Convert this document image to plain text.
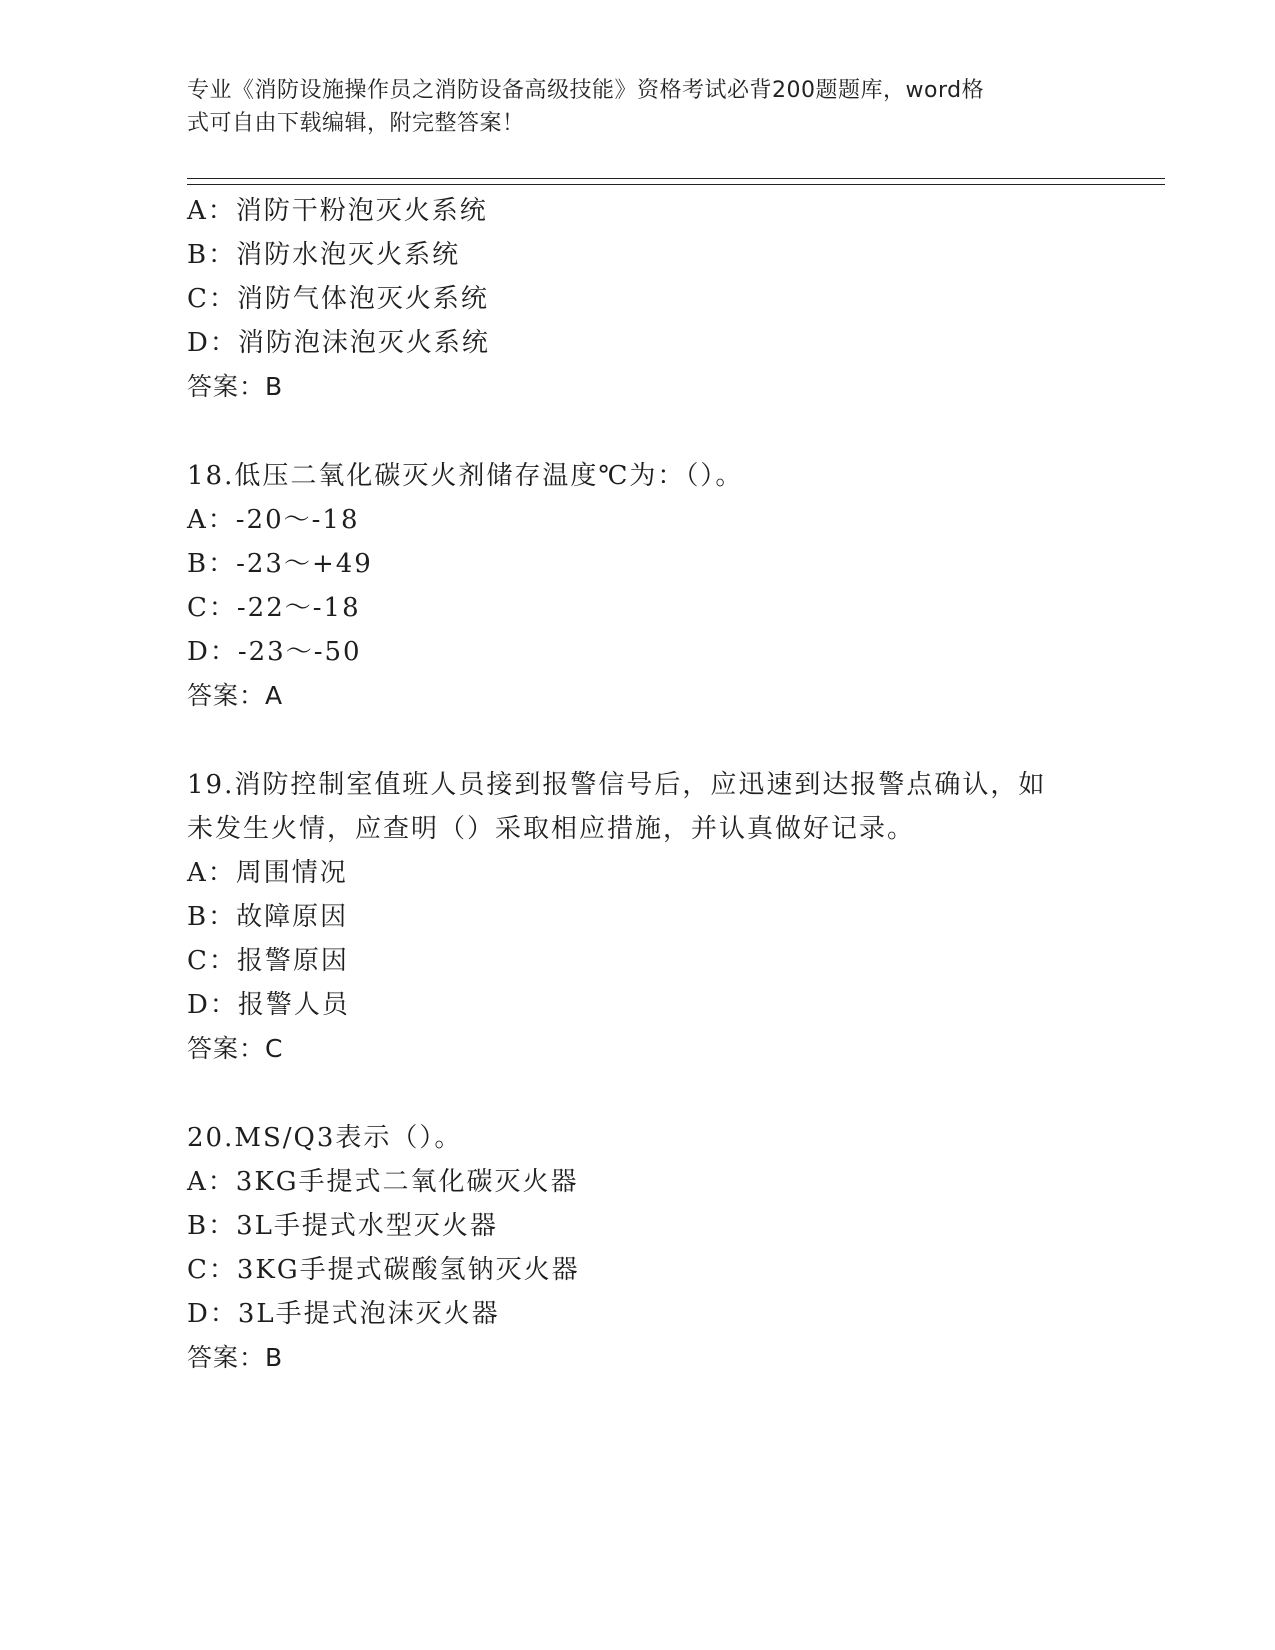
专业《消防设施操作员之消防设备高级技能》资格考试必背200题题库，word格
式可自由下载编辑，附完整答案！
A：消防干粉泡灭火系统
B：消防水泡灭火系统
C：消防气体泡灭火系统
D：消防泡沫泡灭火系统
答案：B
18.低压二氧化碳灭火剂储存温度℃为：（）。
A：-20～-18
B：-23～+49
C：-22～-18
D：-23～-50
答案：A
19.消防控制室值班人员接到报警信号后，应迅速到达报警点确认，如
未发生火情，应查明（）采取相应措施，并认真做好记录。
A：周围情况
B：故障原因
C：报警原因
D：报警人员
答案：C
20.MS/Q3表示（）。
A：3KG手提式二氧化碳灭火器
B：3L手提式水型灭火器
C：3KG手提式碳酸氢钠灭火器
D：3L手提式泡沫灭火器
答案：B
